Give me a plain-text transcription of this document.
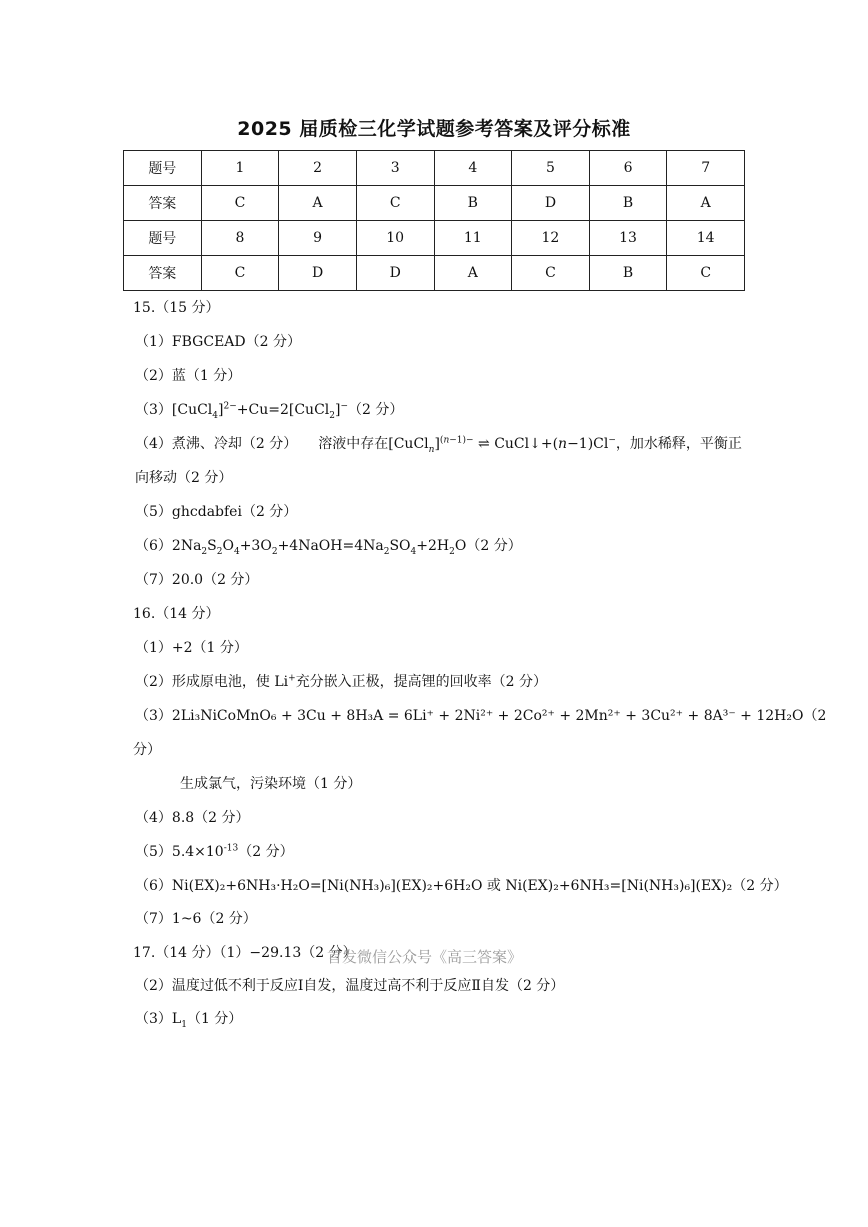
2025 届质检三化学试题参考答案及评分标准
题号	1	2	3	4	5	6	7
答案	C	A	C	B	D	B	A
题号	8	9	10	11	12	13	14
答案	C	D	D	A	C	B	C
15.（15 分）
（1）FBGCEAD（2 分）
（2）蓝（1 分）
（3）[CuCl$_4$]$^{2-}$+Cu=2[CuCl$_2$]−（2 分）
（4）煮沸、冷却（2 分）　　溶液中存在[CuCl$_n$]$^{(n-1)-}$ ⇌ CuCl↓+(n−1)Cl−，加水稀释，平衡正
向移动（2 分）
（5）ghcdabfei（2 分）
$(6)2Na_2S_2O_4+3O_2+4NaOH=4Na_2SO_4+2H_2O(2$ 分）
（7）20.0（2 分）
16.（14 分）
（1）+2（1 分）
（2）形成原电池，使 Li+充分嵌入正极，提高锂的回收率（2 分）
（3）2Li₃NiCoMnO₆ + 3Cu + 8H₃A = 6Li⁺ + 2Ni²⁺ + 2Co²⁺ + 2Mn²⁺ + 3Cu²⁺ + 8A³⁻ + 12H₂O（2
分）
生成氯气，污染环境（1 分）
（4）8.8（2 分）
$(5)5.4\times 10^{-13}(2$ 分）
（6）Ni(EX)₂+6NH₃·H₂O=[Ni(NH₃)₆](EX)₂+6H₂O 或 Ni(EX)₂+6NH₃=[Ni(NH₃)₆](EX)₂（2 分）
（7）1~6（2 分）
17.（14 分）（1）−29.13（2 分）
首发微信公众号《高三答案》
（2）温度过低不利于反应Ⅰ自发，温度过高不利于反应Ⅱ自发（2 分）
$(3)L_1(1$ 分）
